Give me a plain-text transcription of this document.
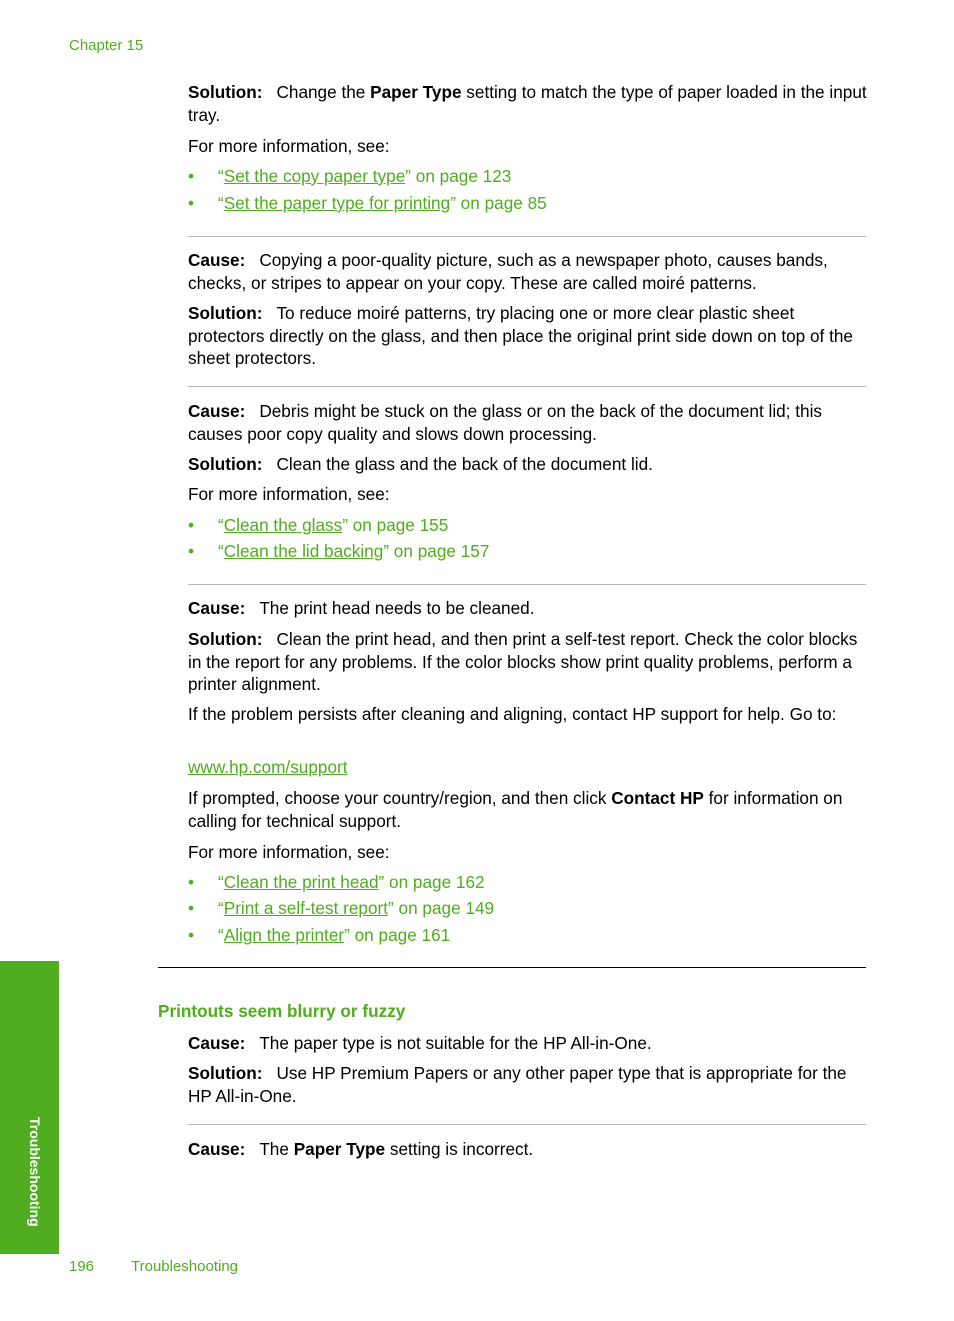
Chapter 15

Solution: Change the Paper Type setting to match the type of paper loaded in the input tray.

For more information, see:

• “Set the copy paper type” on page 123
• “Set the paper type for printing” on page 85

Cause: Copying a poor-quality picture, such as a newspaper photo, causes bands, checks, or stripes to appear on your copy. These are called moiré patterns.

Solution: To reduce moiré patterns, try placing one or more clear plastic sheet protectors directly on the glass, and then place the original print side down on top of the sheet protectors.

Cause: Debris might be stuck on the glass or on the back of the document lid; this causes poor copy quality and slows down processing.

Solution: Clean the glass and the back of the document lid.

For more information, see:

• “Clean the glass” on page 155
• “Clean the lid backing” on page 157

Cause: The print head needs to be cleaned.

Solution: Clean the print head, and then print a self-test report. Check the color blocks in the report for any problems. If the color blocks show print quality problems, perform a printer alignment.

If the problem persists after cleaning and aligning, contact HP support for help. Go to:

www.hp.com/support

If prompted, choose your country/region, and then click Contact HP for information on calling for technical support.

For more information, see:

• “Clean the print head” on page 162
• “Print a self-test report” on page 149
• “Align the printer” on page 161
Printouts seem blurry or fuzzy

Cause: The paper type is not suitable for the HP All-in-One.

Solution: Use HP Premium Papers or any other paper type that is appropriate for the HP All-in-One.

Cause: The Paper Type setting is incorrect.

Troubleshooting
196 Troubleshooting
